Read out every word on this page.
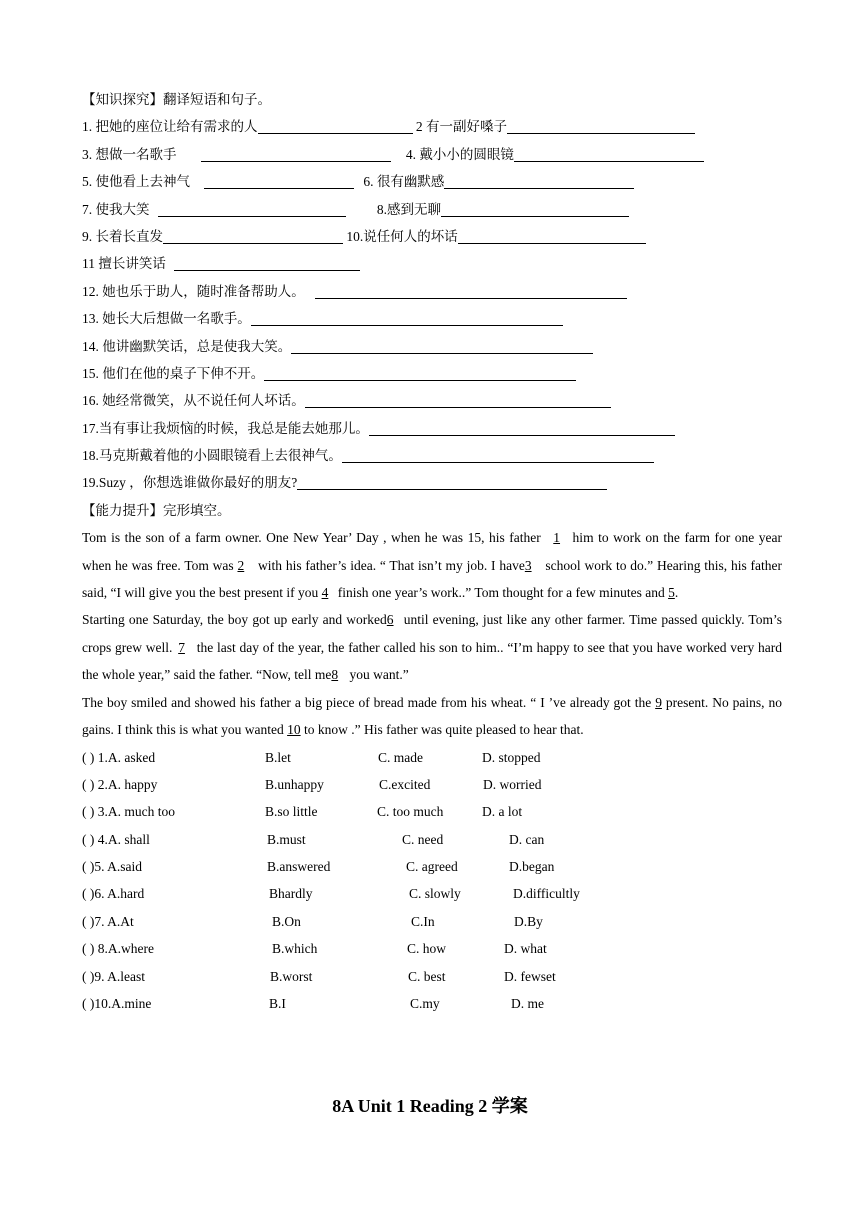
【知识探究】翻译短语和句子。
1. 把她的座位让给有需求的人	2 有一副好嗓子
3. 想做一名歌手	4. 戴小小的圆眼镜
5. 使他看上去神气	6. 很有幽默感
7. 使我大笑	8.感到无聊
9. 长着长直发	10.说任何人的坏话
11 擅长讲笑话
12. 她也乐于助人，随时准备帮助人。
13. 她长大后想做一名歌手。
14. 他讲幽默笑话，总是使我大笑。
15. 他们在他的桌子下伸不开。
16. 她经常微笑，从不说任何人坏话。
17.当有事让我烦恼的时候，我总是能去她那儿。
18.马克斯戴着他的小圆眼镜看上去很神气。
19.Suzy ，你想选谁做你最好的朋友?
【能力提升】完形填空。

Tom is the son of a farm owner. One New Year’ Day , when he was 15, his father 1 him to work on the farm for one year when he was free. Tom was 2 with his father’s idea. “ That isn’t my job. I have3 school work to do.” Hearing this, his father said, “I will give you the best present if you 4 finish one year’s work..” Tom thought for a few minutes and 5.

Starting one Saturday, the boy got up early and worked6 until evening, just like any other farmer. Time passed quickly. Tom’s crops grew well. 7 the last day of the year, the father called his son to him.. “I’m happy to see that you have worked very hard the whole year,” said the father. “Now, tell me8 you want.”

The boy smiled and showed his father a big piece of bread made from his wheat. “ I ’ve already got the 9 present. No pains, no gains. I think this is what you wanted 10 to know .” His father was quite pleased to hear that.

( ) 1.A. asked	B.let	C. made	D. stopped
( ) 2.A. happy	B.unhappy	C.excited	D. worried
( ) 3.A. much too	B.so little	C. too much	D. a lot
( ) 4.A. shall	B.must	C. need	D. can
( )5. A.said	B.answered	C. agreed	D.began
( )6. A.hard	Bhardly	C. slowly	D.difficultly
( )7. A.At	B.On	C.In	D.By
( ) 8.A.where	B.which	C. how	D. what
( )9. A.least	B.worst	C. best	D. fewset
( )10.A.mine	B.I	C.my	D. me
8A Unit 1 Reading 2 学案
